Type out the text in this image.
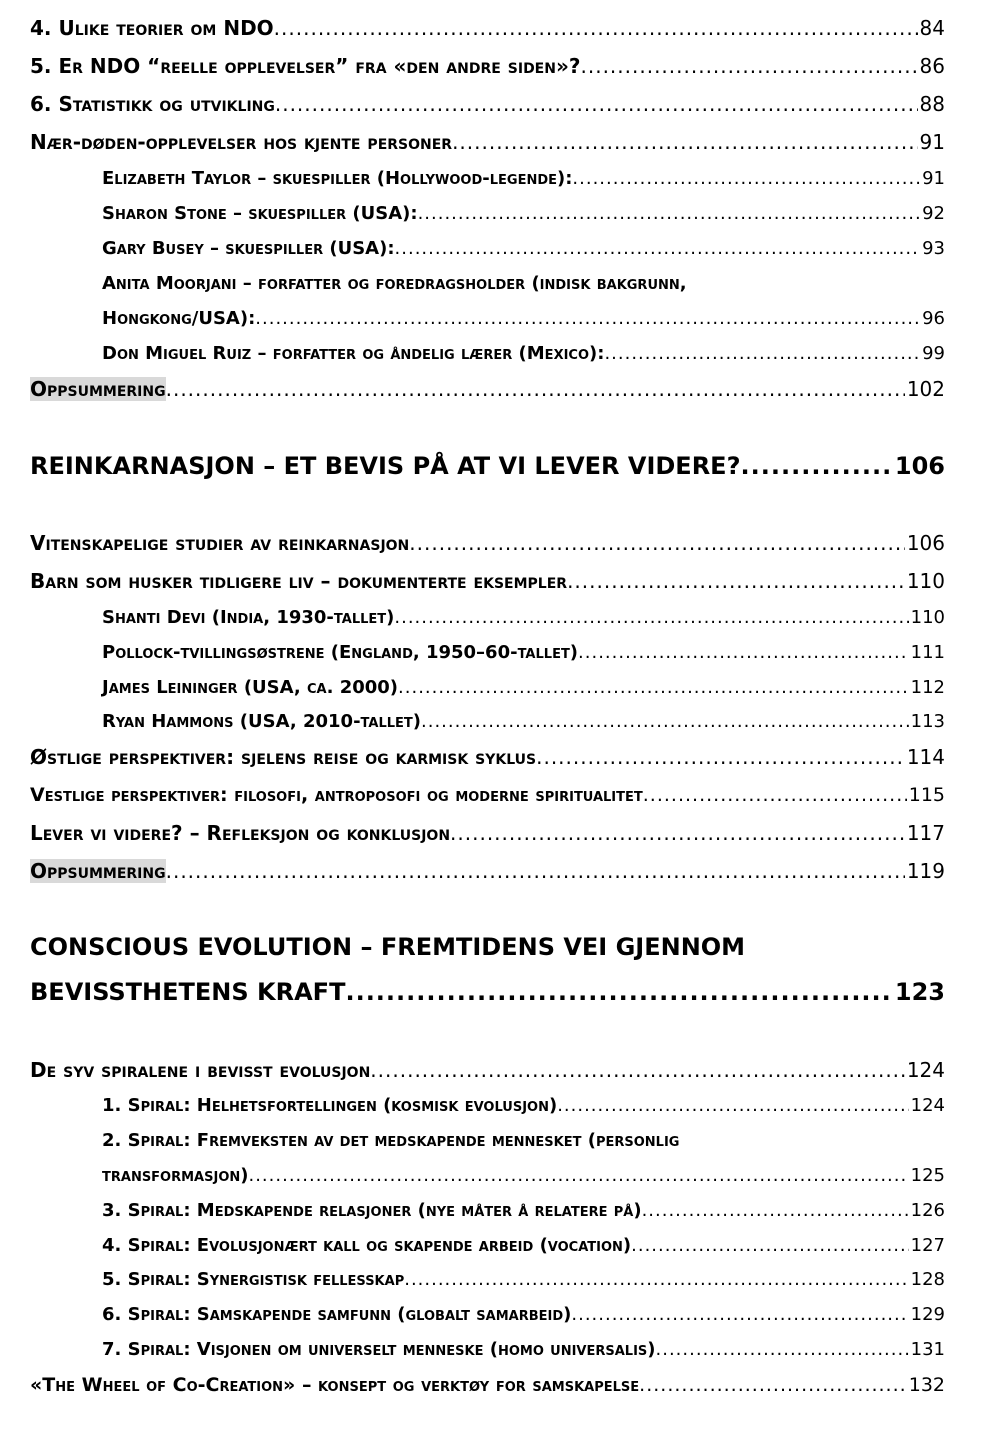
4. Ulike teorier om NDO .....	84
5. Er NDO “reelle opplevelser” fra «den andre siden»? .....	86
6. Statistikk og utvikling .....	88
Nær-døden-opplevelser hos kjente personer .....	91
Elizabeth Taylor – skuespiller (Hollywood-legende): .....	91
Sharon Stone – skuespiller (USA): .....	92
Gary Busey – skuespiller (USA): .....	93
Anita Moorjani – forfatter og foredragsholder (indisk bakgrunn,
Hongkong/USA): .....	96
Don Miguel Ruiz – forfatter og åndelig lærer (Mexico): .....	99
Oppsummering .....	102
REINKARNASJON – ET BEVIS PÅ AT VI LEVER VIDERE? .....	106
Vitenskapelige studier av reinkarnasjon .....	106
Barn som husker tidligere liv – dokumenterte eksempler .....	110
Shanti Devi (India, 1930-tallet) .....	110
Pollock-tvillingsøstrene (England, 1950–60-tallet) .....	111
James Leininger (USA, ca. 2000) .....	112
Ryan Hammons (USA, 2010-tallet) .....	113
Østlige perspektiver: sjelens reise og karmisk syklus .....	114
Vestlige perspektiver: filosofi, antroposofi og moderne spiritualitet .....	115
Lever vi videre? – Refleksjon og konklusjon .....	117
Oppsummering .....	119
CONSCIOUS EVOLUTION – FREMTIDENS VEI GJENNOM
BEVISSTHETENS KRAFT .....	123
De syv spiralene i bevisst evolusjon .....	124
1. Spiral: Helhetsfortellingen (kosmisk evolusjon) .....	124
2. Spiral: Fremveksten av det medskapende mennesket (personlig
transformasjon) .....	125
3. Spiral: Medskapende relasjoner (nye måter å relatere på) .....	126
4. Spiral: Evolusjonært kall og skapende arbeid (vocation) .....	127
5. Spiral: Synergistisk fellesskap .....	128
6. Spiral: Samskapende samfunn (globalt samarbeid) .....	129
7. Spiral: Visjonen om universelt menneske (homo universalis) .....	131
«The Wheel of Co-Creation» – konsept og verktøy for samskapelse .....	132
